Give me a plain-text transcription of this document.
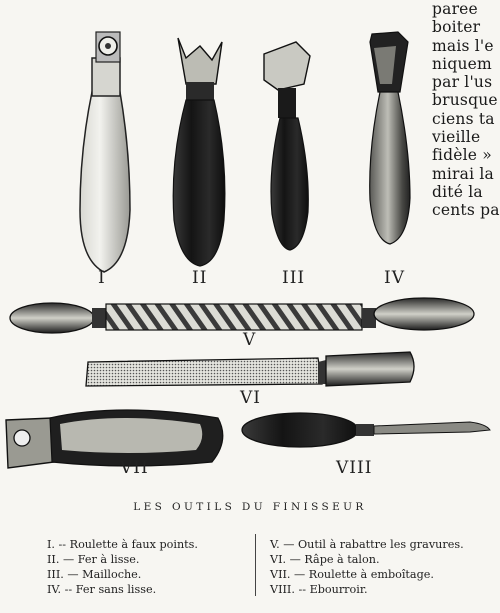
paree
boiter
mais l'e
niquem
par l'us
brusque
ciens ta
vieille
fidèle »
mirai la
dité la
cents pa
I	II	III	IV
V
VI
VII	VIII
LES OUTILS DU FINISSEUR
I. -- Roulette à faux points.
II. — Fer à lisse.
III. — Mailloche.
IV. -- Fer sans lisse.
V. — Outil à rabattre les gravures.
VI. — Râpe à talon.
VII. — Roulette à emboîtage.
VIII. -- Ebourroir.
